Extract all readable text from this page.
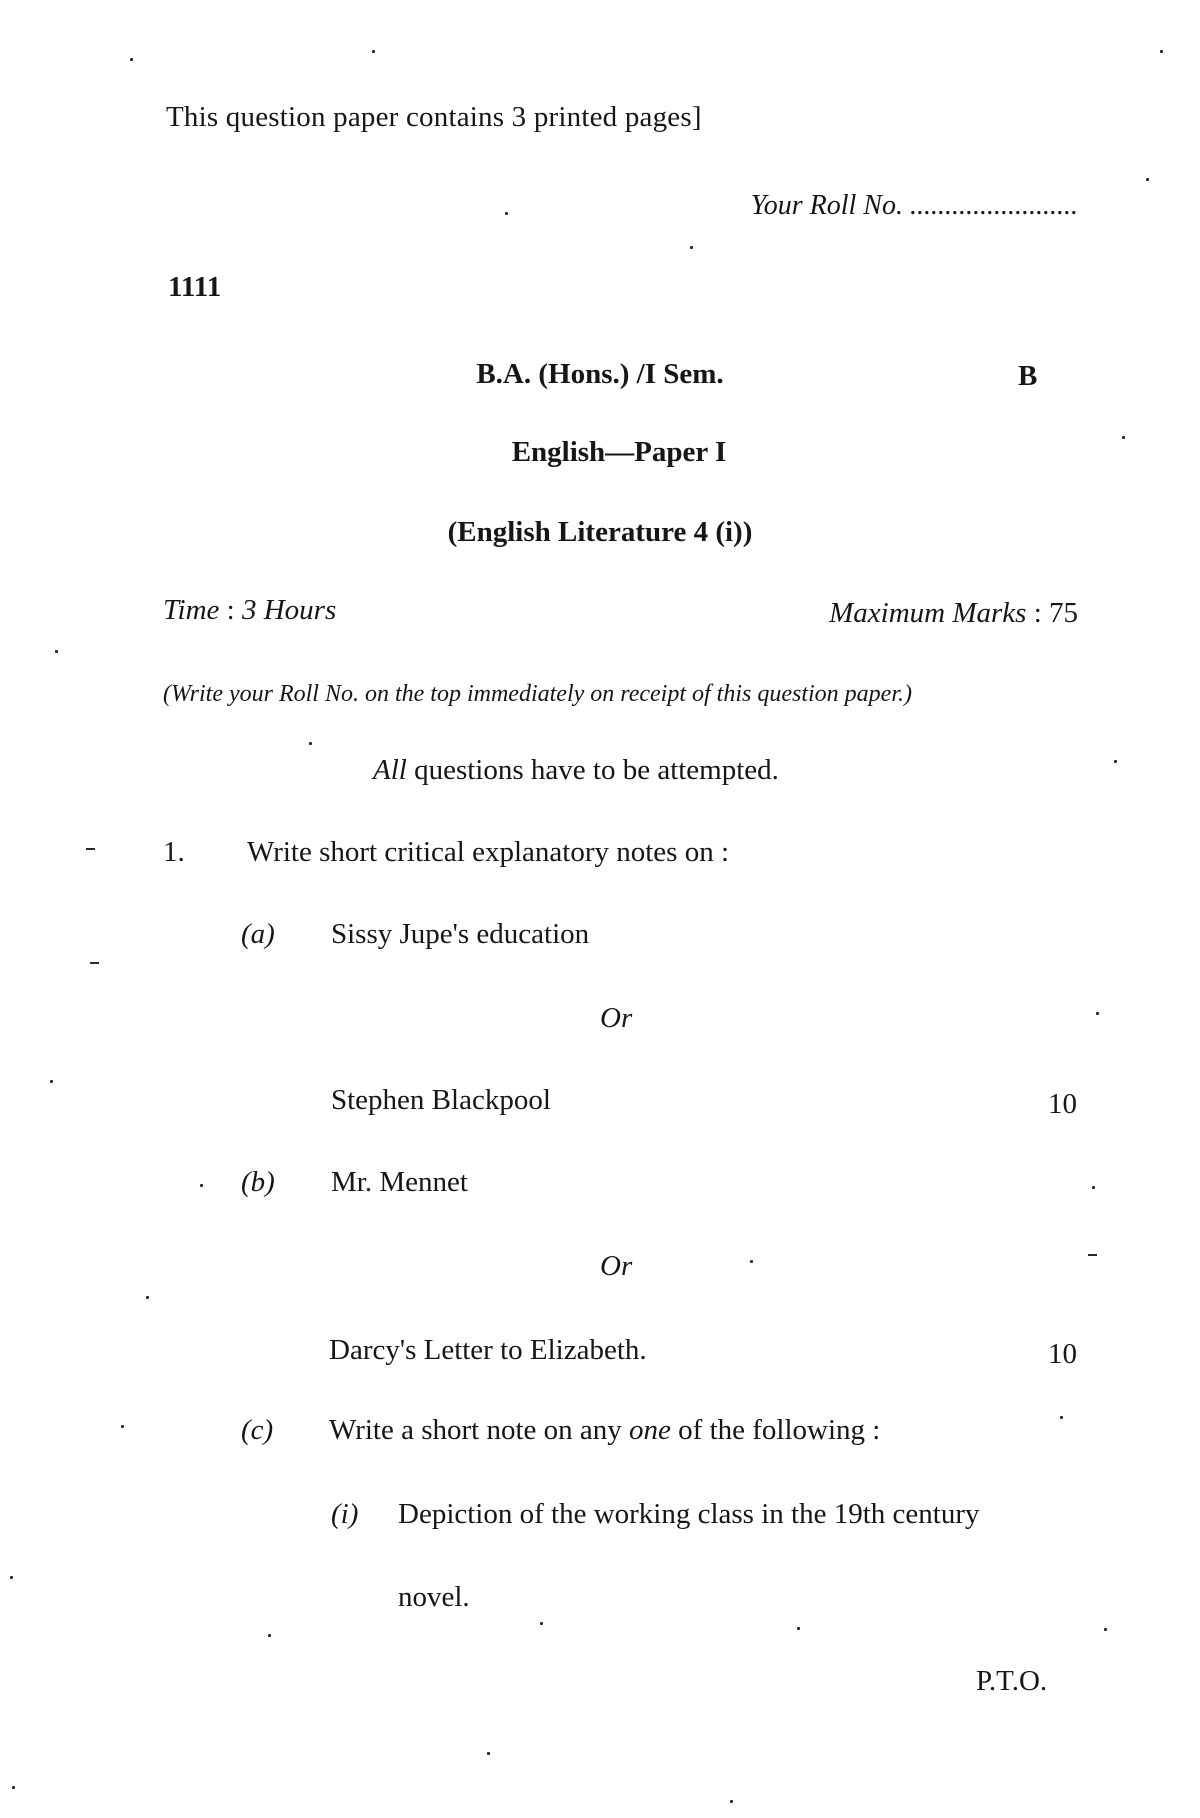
This question paper contains 3 printed pages]
Your Roll No. ........................
1111
B.A. (Hons.) /I Sem.	B
English—Paper I
(English Literature 4 (i))
Time : 3 Hours	Maximum Marks : 75
(Write your Roll No. on the top immediately on receipt of this question paper.)
All questions have to be attempted.
1. Write short critical explanatory notes on :
(a) Sissy Jupe's education
Or
Stephen Blackpool	10
(b) Mr. Mennet
Or
Darcy's Letter to Elizabeth.	10
(c) Write a short note on any one of the following :
(i) Depiction of the working class in the 19th century
novel.
P.T.O.
